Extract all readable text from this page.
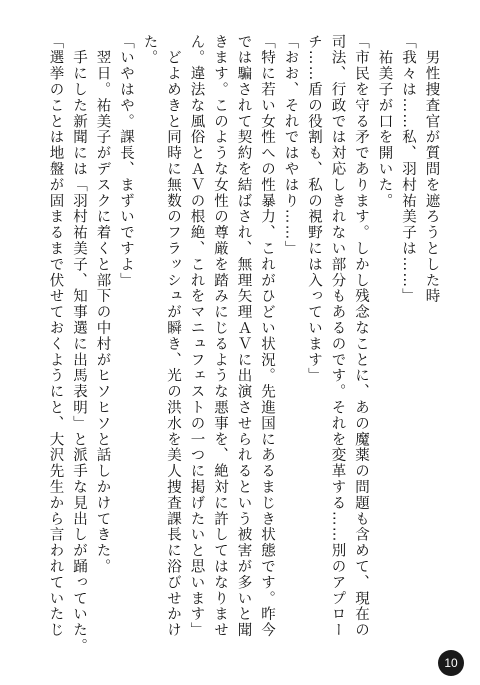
　男性捜査官が質問を遮ろうとした時
「我々は……私、羽村祐美子は……」
　祐美子が口を開いた。
「市民を守る矛であります。しかし残念なことに、あの魔薬の問題も含めて、現在の
司法、行政では対応しきれない部分もあるのです。それを変革する……別のアプロー
チ……盾の役割も、私の視野には入っています」
「おお、それではやはり……」
「特に若い女性への性暴力、これがひどい状況。先進国にあるまじき状態です。昨今
では騙されて契約を結ばされ、無理矢理ＡＶに出演させられるという被害が多いと聞
きます。このような女性の尊厳を踏みにじるような悪事を、絶対に許してはなりませ
ん。違法な風俗とＡＶの根絶、これをマニュフェストの一つに掲げたいと思います」
　どよめきと同時に無数のフラッシュが瞬き、光の洪水を美人捜査課長に浴びせかけ
た。
「いやはや。課長、まずいですよ」
　翌日。祐美子がデスクに着くと部下の中村がヒソヒソと話しかけてきた。
　手にした新聞には「羽村祐美子、知事選に出馬表明」と派手な見出しが踊っていた。
「選挙のことは地盤が固まるまで伏せておくようにと、大沢先生から言われていたじ
10
